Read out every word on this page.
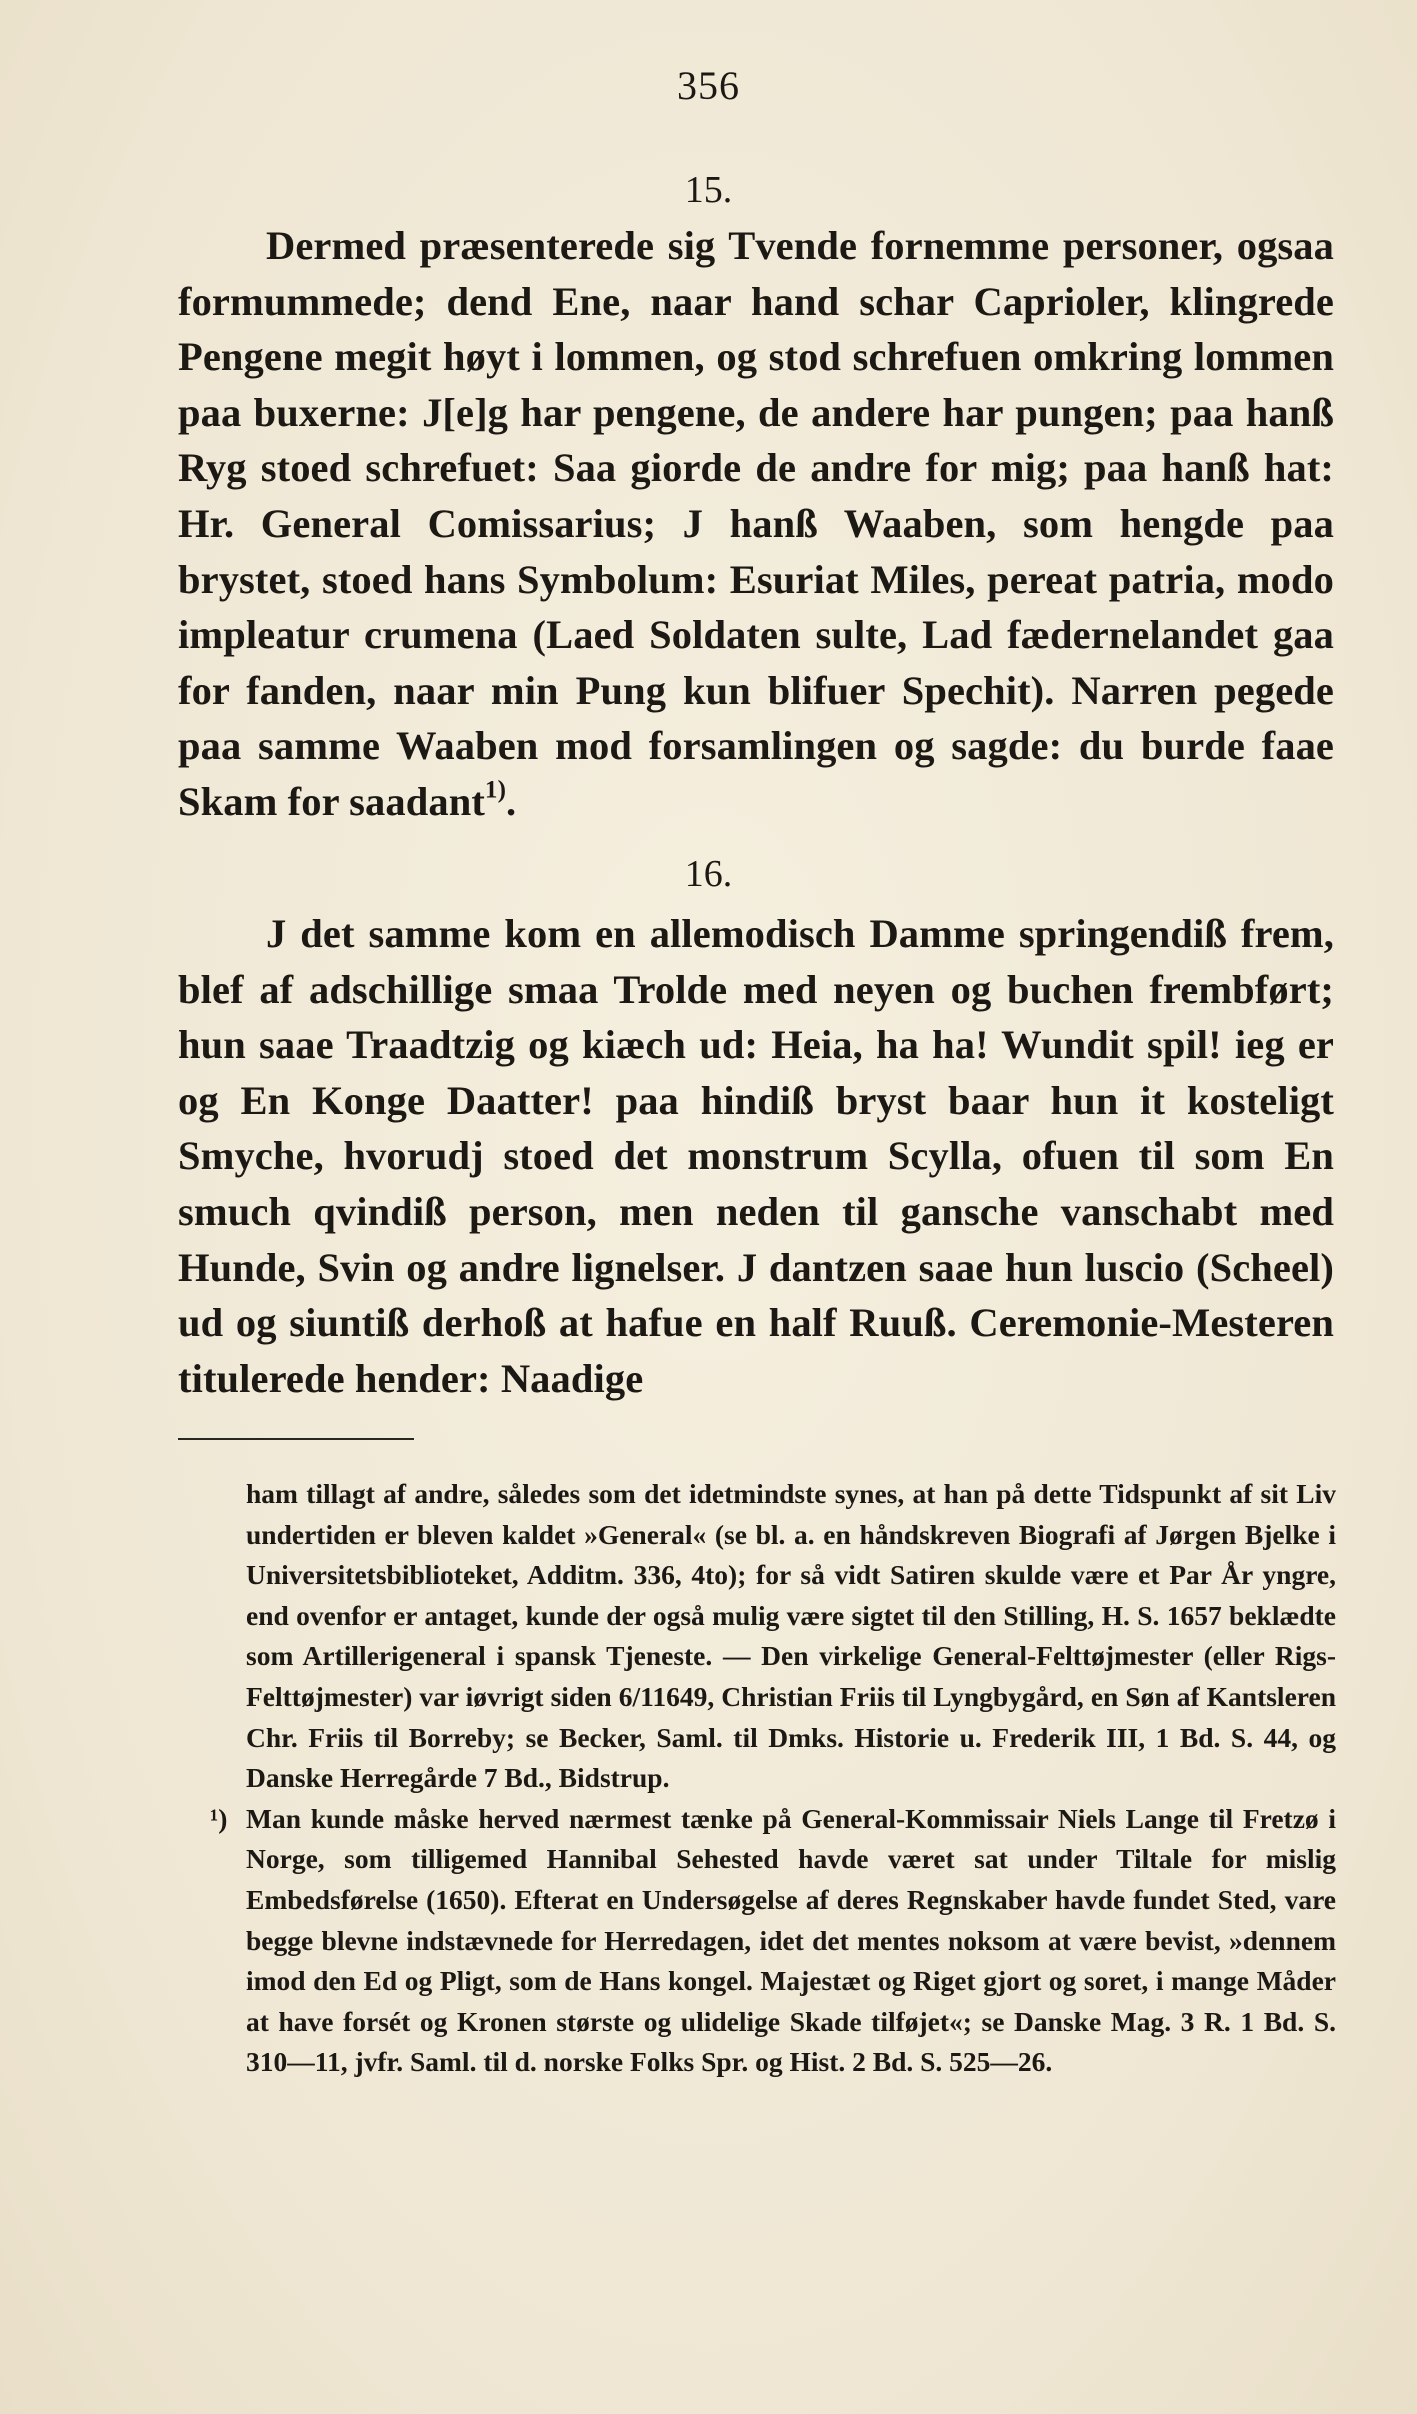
356
15.

Dermed præsenterede sig Tvende fornemme personer, ogsaa formummede; dend Ene, naar hand schar Caprioler, klingrede Pengene megit høyt i lommen, og stod schrefuen omkring lommen paa buxerne: J[e]g har pengene, de andere har pungen; paa hanß Ryg stoed schrefuet: Saa giorde de andre for mig; paa hanß hat: Hr. General Comissarius; J hanß Waaben, som hengde paa brystet, stoed hans Symbolum: Esuriat Miles, pereat patria, modo impleatur crumena (Laed Soldaten sulte, Lad fædernelandet gaa for fanden, naar min Pung kun blifuer Spechit). Narren pegede paa samme Waaben mod forsamlingen og sagde: du burde faae Skam for saadant$^{1)}$.

16.

J det samme kom en allemodisch Damme springendiß frem, blef af adschillige smaa Trolde med neyen og buchen frembført; hun saae Traadtzig og kiæch ud: Heia, ha ha! Wundit spil! ieg er og En Konge Daatter! paa hindiß bryst baar hun it kosteligt Smyche, hvorudj stoed det monstrum Scylla, ofuen til som En smuch qvindiß person, men neden til gansche vanschabt med Hunde, Svin og andre lignelser. J dantzen saae hun luscio (Scheel) ud og siuntiß derhoß at hafue en half Ruuß. Ceremonie-Mesteren titulerede hender: Naadige

ham tillagt af andre, således som det idetmindste synes, at han på dette Tidspunkt af sit Liv undertiden er bleven kaldet »General« (se bl. a. en håndskreven Biografi af Jørgen Bjelke i Universitetsbiblioteket, Additm. 336, 4to); for så vidt Satiren skulde være et Par År yngre, end ovenfor er antaget, kunde der også mulig være sigtet til den Stilling, H. S. 1657 beklædte som Artillerigeneral i spansk Tjeneste. — Den virkelige General-Felttøjmester (eller Rigs-Felttøjmester) var iøvrigt siden 6/11649, Christian Friis til Lyngbygård, en Søn af Kantsleren Chr. Friis til Borreby; se Becker, Saml. til Dmks. Historie u. Frederik III, 1 Bd. S. 44, og Danske Herregårde 7 Bd., Bidstrup.

¹) Man kunde måske herved nærmest tænke på General-Kommissair Niels Lange til Fretzø i Norge, som tilligemed Hannibal Sehested havde været sat under Tiltale for mislig Embedsførelse (1650). Efterat en Undersøgelse af deres Regnskaber havde fundet Sted, vare begge blevne indstævnede for Herredagen, idet det mentes noksom at være bevist, »dennem imod den Ed og Pligt, som de Hans kongel. Majestæt og Riget gjort og soret, i mange Måder at have forsét og Kronen største og ulidelige Skade tilføjet«; se Danske Mag. 3 R. 1 Bd. S. 310—11, jvfr. Saml. til d. norske Folks Spr. og Hist. 2 Bd. S. 525—26.
